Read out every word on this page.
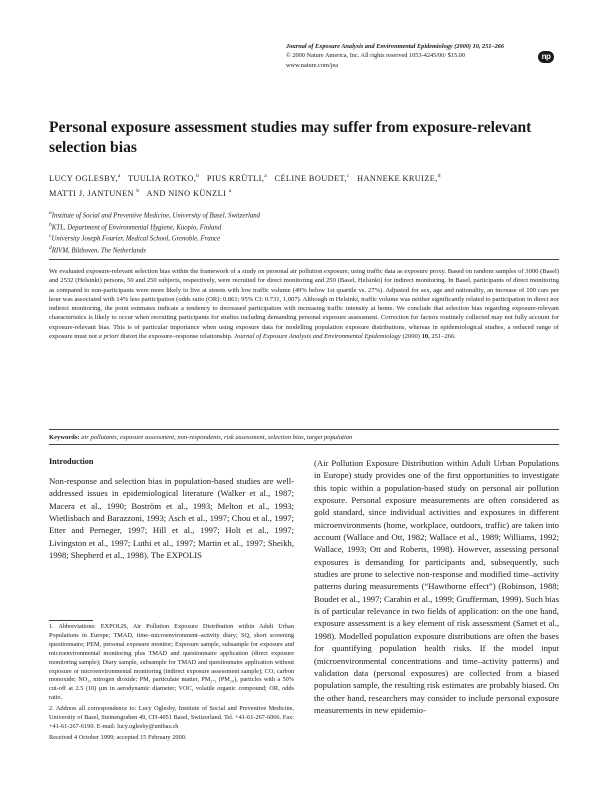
Journal of Exposure Analysis and Environmental Epidemiology (2000) 10, 251–266
© 2000 Nature America, Inc. All rights reserved 1053-4245/00/ $15.00
www.nature.com/jea
np
Personal exposure assessment studies may suffer from exposure-relevant selection bias
LUCY OGLESBY,$^a$ TUULIA ROTKO,$^b$ PIUS KRÜTLI,$^a$ CÉLINE BOUDET,$^c$ HANNEKE KRUIZE,$^d$
MATTI J. JANTUNEN $^b$ AND NINO KÜNZLI $^a$
$^a$Institute of Social and Preventive Medicine, University of Basel, Switzerland
$^b$KTL, Department of Environmental Hygiene, Kuopio, Finland
$^c$University Joseph Fourier, Medical School, Grenoble, France
$^d$RIVM, Bilthoven, The Netherlands
We evaluated exposure-relevant selection bias within the framework of a study on personal air pollution exposure, using traffic data as exposure proxy. Based on random samples of 3000 (Basel) and 2532 (Helsinki) persons, 50 and 250 subjects, respectively, were recruited for direct monitoring and 250 (Basel, Helsinki) for indirect monitoring. In Basel, participants of direct monitoring as compared to non-participants were more likely to live at streets with low traffic volume (49% below 1st quartile vs. 27%). Adjusted for sex, age and nationality, an increase of 100 cars per hour was associated with 14% less participation (odds ratio (OR): 0.861; 95% CI: 0.731, 1.007). Although in Helsinki, traffic volume was neither significantly related to participation in direct nor indirect monitoring, the point estimates indicate a tendency to decreased participation with increasing traffic intensity at home. We conclude that selection bias regarding exposure-relevant characteristics is likely to occur when recruiting participants for studies including demanding personal exposure assessment. Correction for factors routinely collected may not fully account for exposure-relevant bias. This is of particular importance when using exposure data for modelling population exposure distributions, whereas in epidemiological studies, a reduced range of exposure must not a priori distort the exposure–response relationship. Journal of Exposure Analysis and Environmental Epidemiology (2000) 10, 251–266.
Keywords: air pollutants, exposure assessment, non-respondents, risk assessment, selection bias, target population
Introduction
Non-response and selection bias in population-based studies are well-addressed issues in epidemiological literature (Walker et al., 1987; Macera et al., 1990; Boström et al., 1993; Melton et al., 1993; Wietlisbach and Barazzoni, 1993; Asch et al., 1997; Chou et al., 1997; Etter and Perneger, 1997; Hill et al., 1997; Holt et al., 1997; Livingston et al., 1997; Luthi et al., 1997; Martin et al., 1997; Sheikh, 1998; Shepherd et al., 1998). The EXPOLIS
(Air Pollution Exposure Distribution within Adult Urban Populations in Europe) study provides one of the first opportunities to investigate this topic within a population-based study on personal air pollution exposure. Personal exposure measurements are often considered as gold standard, since individual activities and exposures in different microenvironments (home, workplace, outdoors, traffic) are taken into account (Wallace and Ott, 1982; Wallace et al., 1989; Williams, 1992; Wallace, 1993; Ott and Roberts, 1998). However, assessing personal exposures is demanding for participants and, subsequently, such studies are prone to selective non-response and modified time–activity patterns during measurements (“Hawthorne effect”) (Robinson, 1988; Boudet et al., 1997; Carabin et al., 1999; Grufferman, 1999). Such bias is of particular relevance in two fields of application: on the one hand, exposure assessment is a key element of risk assessment (Samet et al., 1998). Modelled population exposure distributions are often the bases for quantifying population health risks. If the model input (microenvironmental concentrations and time–activity patterns) and validation data (personal exposures) are collected from a biased population sample, the resulting risk estimates are probably biased. On the other hand, researchers may consider to include personal exposure measurements in new epidemio-

1. Abbreviations: EXPOLIS, Air Pollution Exposure Distribution within Adult Urban Populations in Europe; TMAD, time–microenvironment–activity diary; SQ, short screening questionnaire; PEM, personal exposure monitor; Exposure sample, subsample for exposure and microenvironmental monitoring plus TMAD and questionnaire application (direct exposure monitoring sample); Diary sample, subsample for TMAD and questionnaire application without exposure or microenvironmental monitoring (indirect exposure assessment sample); CO, carbon monoxide; NO₂, nitrogen dioxide; PM, particulate matter, PM₂.₅ (PM₁₀), particles with a 50% cut-off at 2.5 (10) µm in aerodynamic diameter; VOC, volatile organic compound; OR, odds ratio.

2. Address all correspondence to: Lucy Oglesby, Institute of Social and Preventive Medicine, University of Basel, Steinengraben 49, CH-4051 Basel, Switzerland. Tel. +41-61-267-6066. Fax: +41-61-267-6190. E-mail: lucy.oglesby@unibas.ch

Received 4 October 1999; accepted 15 February 2000.
